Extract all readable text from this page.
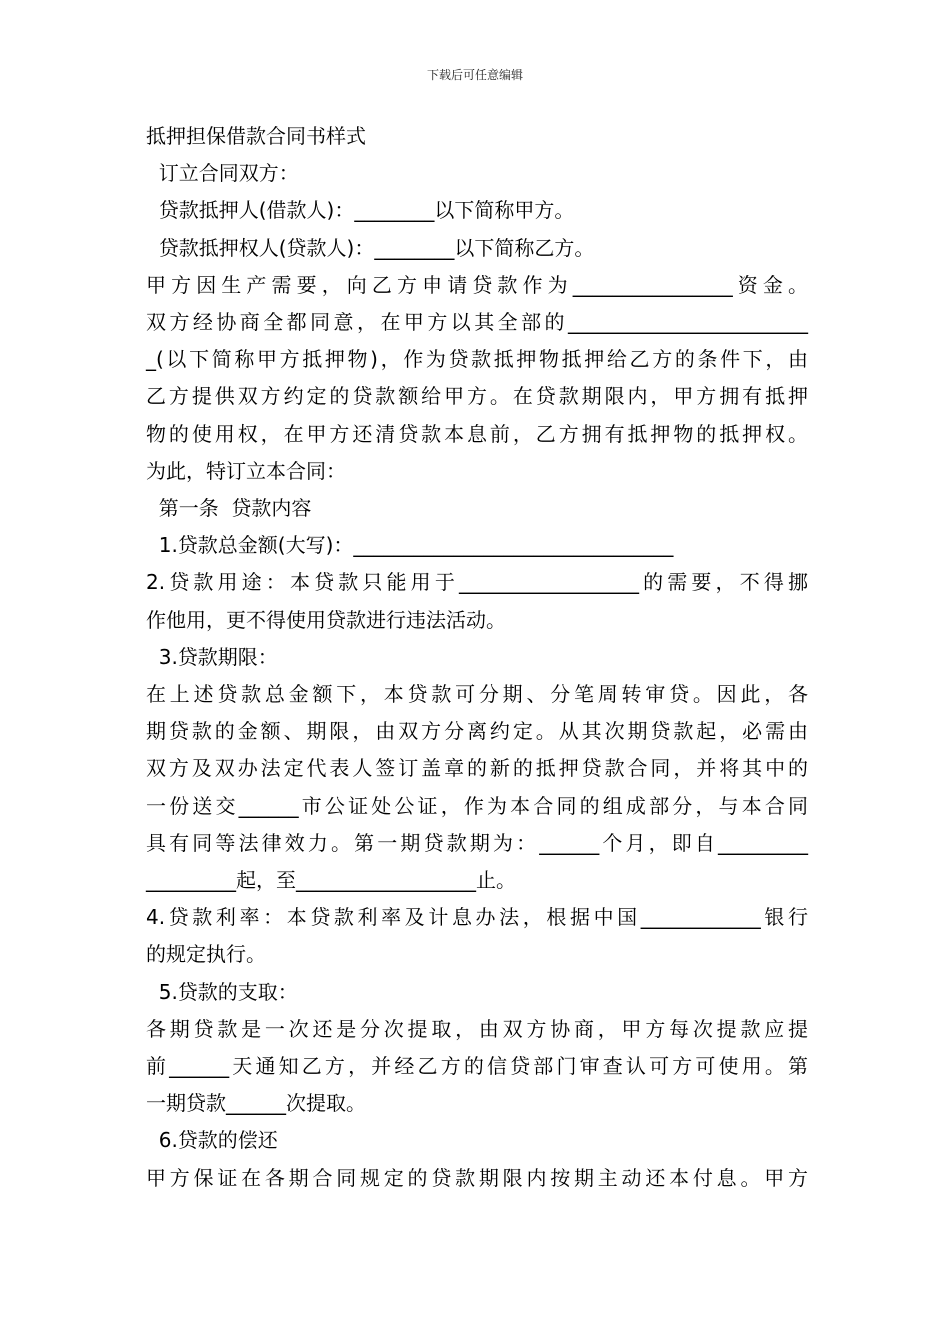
下载后可任意编辑
抵押担保借款合同书样式
订立合同双方：
贷款抵押人(借款人)：________以下简称甲方。
贷款抵押权人(贷款人)：________以下简称乙方。
甲方因生产需要，向乙方申请贷款作为________________资金。
双方经协商全都同意，在甲方以其全部的________________________
_(以下简称甲方抵押物)，作为贷款抵押物抵押给乙方的条件下，由
乙方提供双方约定的贷款额给甲方。在贷款期限内，甲方拥有抵押
物的使用权，在甲方还清贷款本息前，乙方拥有抵押物的抵押权。
为此，特订立本合同：
第一条  贷款内容
1.贷款总金额(大写)：________________________________
2.贷款用途：本贷款只能用于__________________的需要，不得挪
作他用，更不得使用贷款进行违法活动。
3.贷款期限：
在上述贷款总金额下，本贷款可分期、分笔周转审贷。因此，各
期贷款的金额、期限，由双方分离约定。从其次期贷款起，必需由
双方及双办法定代表人签订盖章的新的抵押贷款合同，并将其中的
一份送交______市公证处公证，作为本合同的组成部分，与本合同
具有同等法律效力。第一期贷款期为：______个月，即自_________
_________起，至__________________止。
4.贷款利率：本贷款利率及计息办法，根据中国____________银行
的规定执行。
5.贷款的支取：
各期贷款是一次还是分次提取，由双方协商，甲方每次提款应提
前______天通知乙方，并经乙方的信贷部门审查认可方可使用。第
一期贷款______次提取。
6.贷款的偿还
甲方保证在各期合同规定的贷款期限内按期主动还本付息。甲方
